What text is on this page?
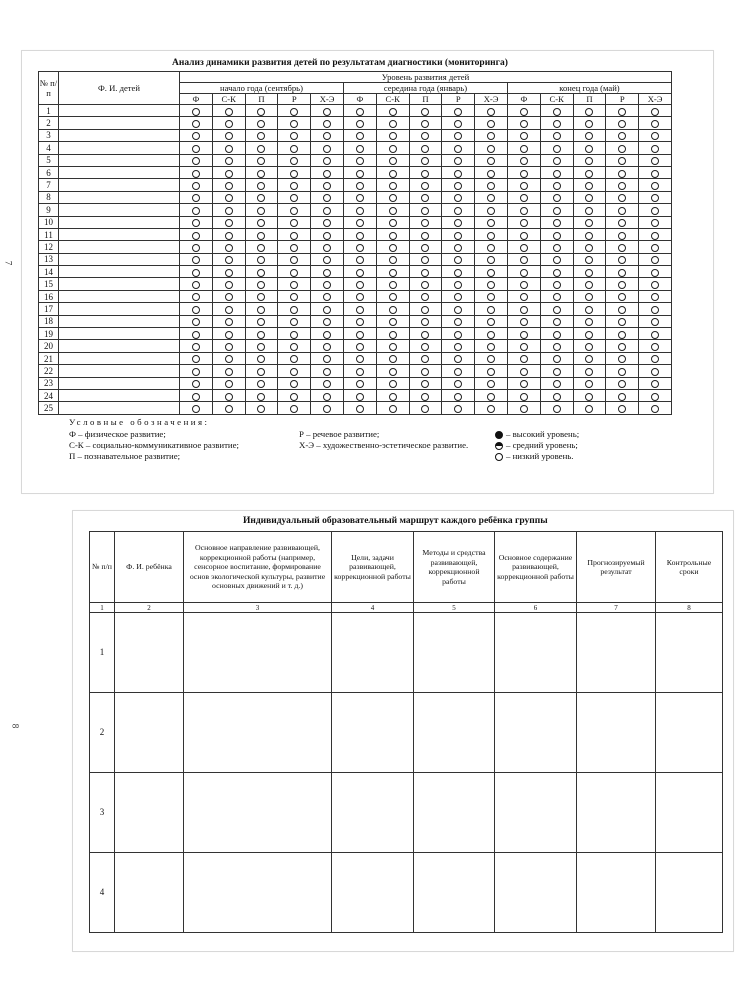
7
Анализ динамики развития детей по результатам диагностики (мониторинга)
№ п/п	Ф. И. детей	Уровень развития детей														
		начало года (сентябрь)					середина года (январь)					конец года (май)				
		Ф	С-К	П	Р	Х-Э	Ф	С-К	П	Р	Х-Э	Ф	С-К	П	Р	Х-Э
1																
2																
3																
4																
5																
6																
7																
8																
9																
10																
11																
12																
13																
14																
15																
16																
17																
18																
19																
20																
21																
22																
23																
24																
25																
Условные обозначения:
Ф – физическое развитие;
С-К – социально-коммуникативное развитие;
П – познавательное развитие;
Р – речевое развитие;
Х-Э – художественно-эстетическое развитие.
– высокий уровень;
– средний уровень;
– низкий уровень.
8
Индивидуальный образовательный маршрут каждого ребёнка группы
№ п/п	Ф. И. ребёнка	Основное направление развивающей, коррекционной работы (например, сенсорное воспитание, формирование основ экологической культуры, развитие основных движений и т. д.)	Цели, задачи развивающей, коррекционной работы	Методы и средства развивающей, коррекционной работы	Основное содержание развивающей, коррекционной работы	Прогнозируемый результат	Контрольные сроки
1	2	3	4	5	6	7	8
1							
2							
3							
4							
